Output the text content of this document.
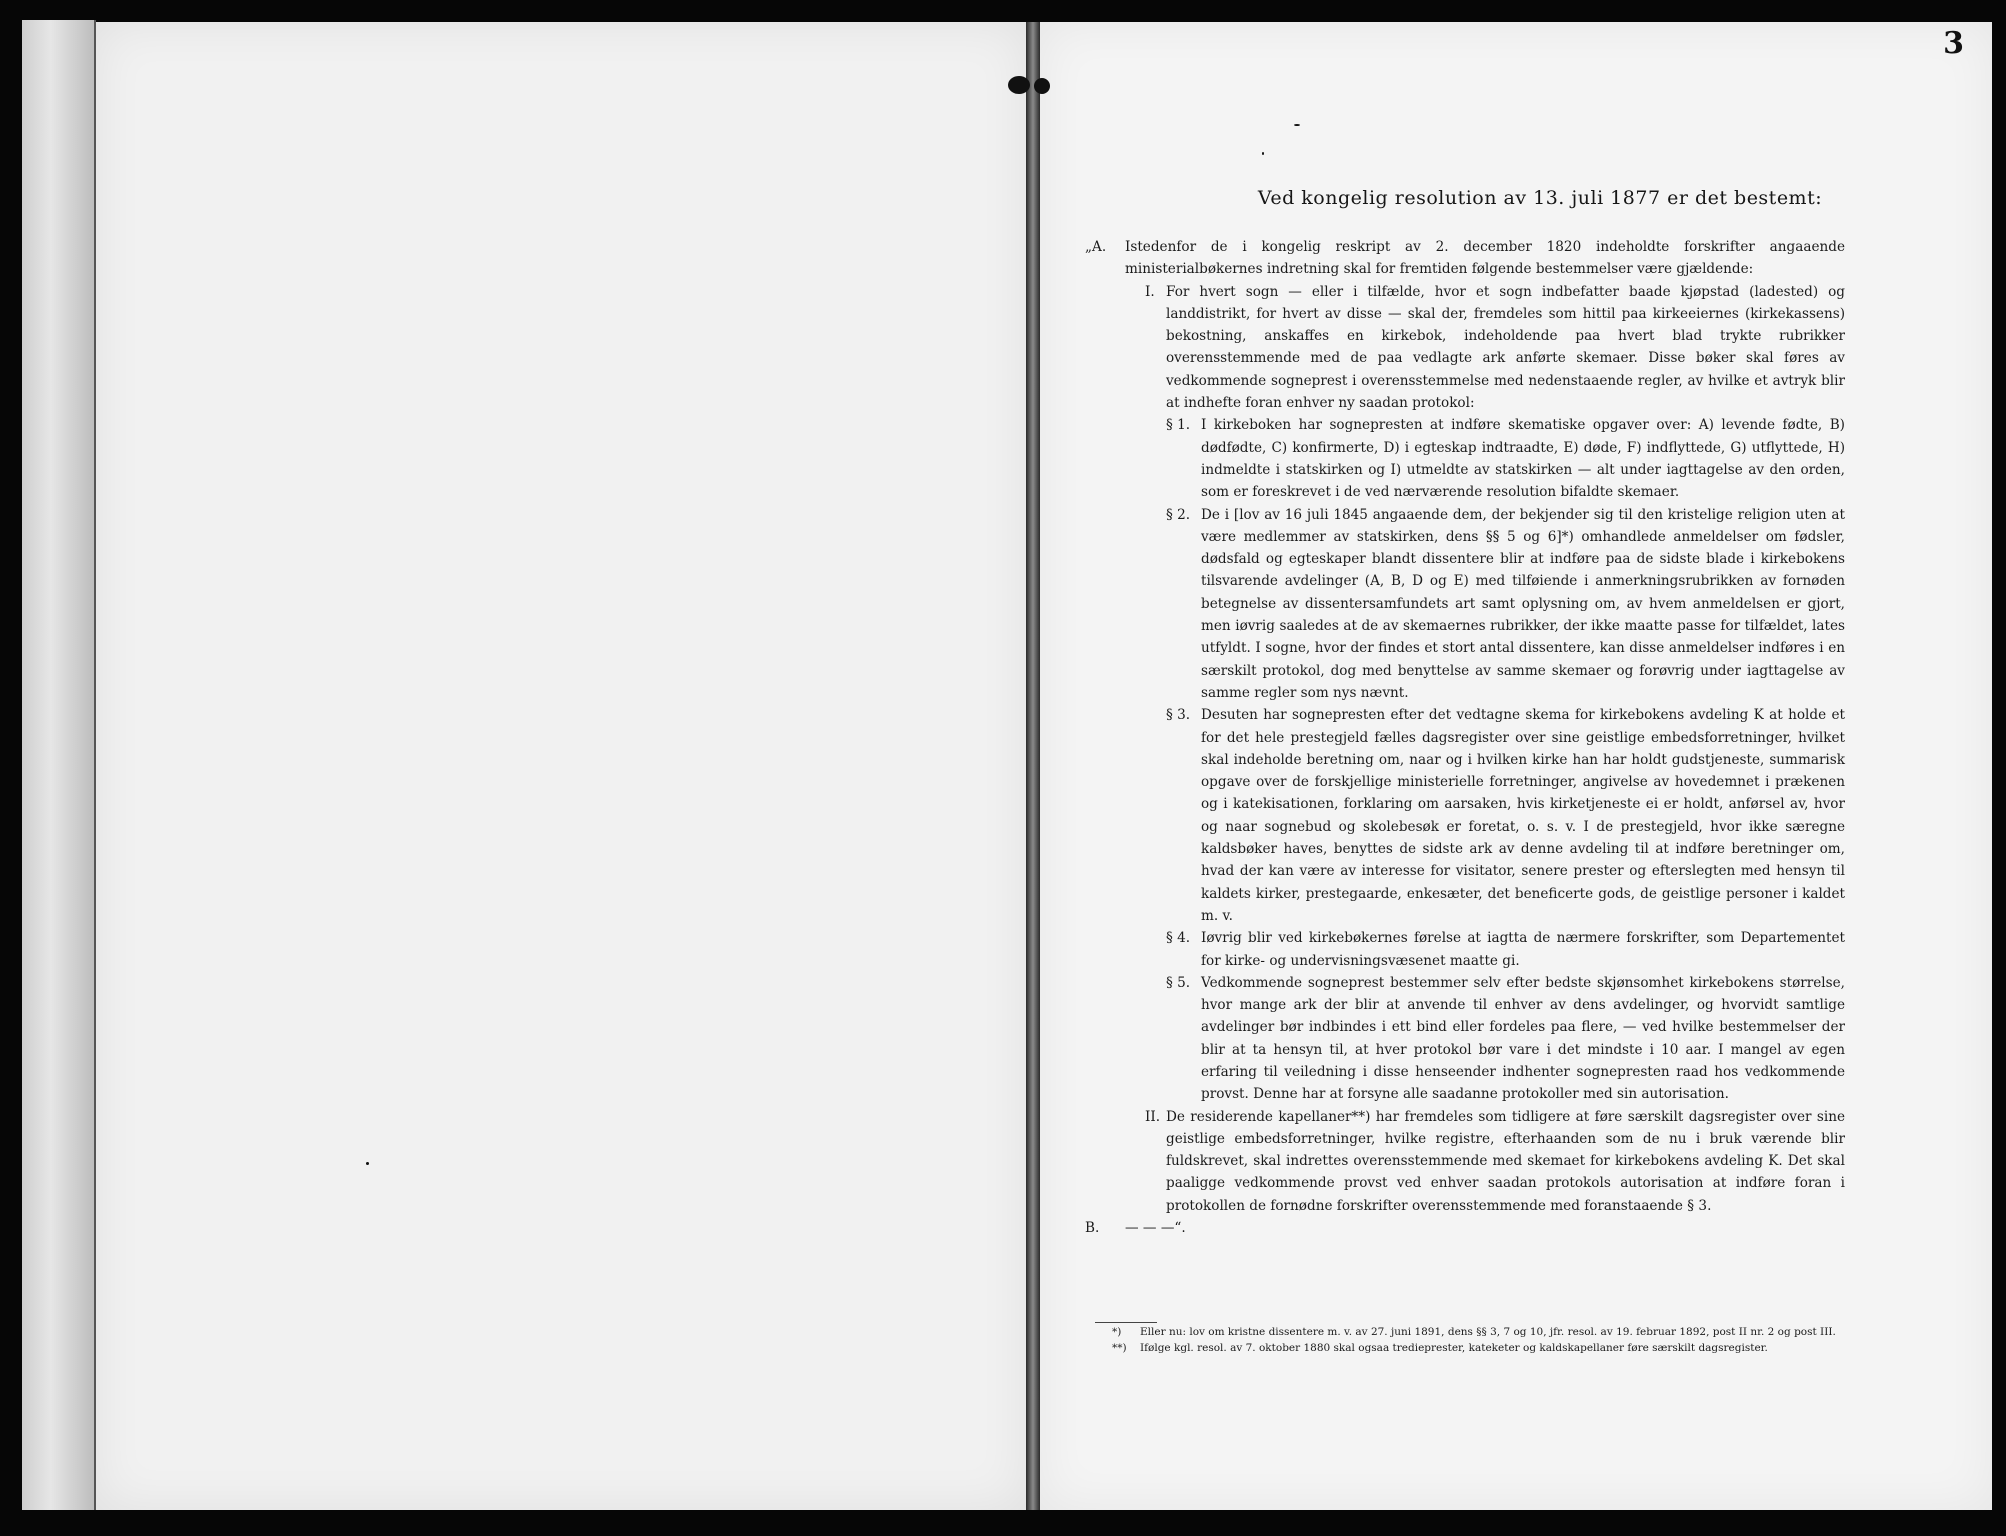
3

Ved kongelig resolution av 13. juli 1877 er det bestemt:

„A. Istedenfor de i kongelig reskript av 2. december 1820 indeholdte forskrifter angaaende ministerialbøkernes indretning skal for fremtiden følgende bestemmelser være gjældende:

I. For hvert sogn — eller i tilfælde, hvor et sogn indbefatter baade kjøpstad (ladested) og landdistrikt, for hvert av disse — skal der, fremdeles som hittil paa kirkeeiernes (kirkekassens) bekostning, anskaffes en kirkebok, indeholdende paa hvert blad trykte rubrikker overensstemmende med de paa vedlagte ark anførte skemaer. Disse bøker skal føres av vedkommende sogneprest i overensstemmelse med nedenstaaende regler, av hvilke et avtryk blir at indhefte foran enhver ny saadan protokol:

§ 1. I kirkeboken har sognepresten at indføre skematiske opgaver over: A) levende fødte, B) dødfødte, C) konfirmerte, D) i egteskap indtraadte, E) døde, F) indflyttede, G) utflyttede, H) indmeldte i statskirken og I) utmeldte av statskirken — alt under iagttagelse av den orden, som er foreskrevet i de ved nærværende resolution bifaldte skemaer.

§ 2. De i [lov av 16 juli 1845 angaaende dem, der bekjender sig til den kristelige religion uten at være medlemmer av statskirken, dens §§ 5 og 6]*) omhandlede anmeldelser om fødsler, dødsfald og egteskaper blandt dissentere blir at indføre paa de sidste blade i kirkebokens tilsvarende avdelinger (A, B, D og E) med tilføiende i anmerkningsrubrikken av fornøden betegnelse av dissentersamfundets art samt oplysning om, av hvem anmeldelsen er gjort, men iøvrig saaledes at de av skemaernes rubrikker, der ikke maatte passe for tilfældet, lates utfyldt. I sogne, hvor der findes et stort antal dissentere, kan disse anmeldelser indføres i en særskilt protokol, dog med benyttelse av samme skemaer og forøvrig under iagttagelse av samme regler som nys nævnt.

§ 3. Desuten har sognepresten efter det vedtagne skema for kirkebokens avdeling K at holde et for det hele prestegjeld fælles dagsregister over sine geistlige embedsforretninger, hvilket skal indeholde beretning om, naar og i hvilken kirke han har holdt gudstjeneste, summarisk opgave over de forskjellige ministerielle forretninger, angivelse av hovedemnet i prækenen og i katekisationen, forklaring om aarsaken, hvis kirketjeneste ei er holdt, anførsel av, hvor og naar sognebud og skolebesøk er foretat, o. s. v. I de prestegjeld, hvor ikke særegne kaldsbøker haves, benyttes de sidste ark av denne avdeling til at indføre beretninger om, hvad der kan være av interesse for visitator, senere prester og efterslegten med hensyn til kaldets kirker, prestegaarde, enkesæter, det beneficerte gods, de geistlige personer i kaldet m. v.

§ 4. Iøvrig blir ved kirkebøkernes førelse at iagtta de nærmere forskrifter, som Departementet for kirke- og undervisningsvæsenet maatte gi.

§ 5. Vedkommende sogneprest bestemmer selv efter bedste skjønsomhet kirkebokens størrelse, hvor mange ark der blir at anvende til enhver av dens avdelinger, og hvorvidt samtlige avdelinger bør indbindes i ett bind eller fordeles paa flere, — ved hvilke bestemmelser der blir at ta hensyn til, at hver protokol bør vare i det mindste i 10 aar. I mangel av egen erfaring til veiledning i disse henseender indhenter sognepresten raad hos vedkommende provst. Denne har at forsyne alle saadanne protokoller med sin autorisation.

II. De residerende kapellaner**) har fremdeles som tidligere at føre særskilt dagsregister over sine geistlige embedsforretninger, hvilke registre, efterhaanden som de nu i bruk værende blir fuldskrevet, skal indrettes overensstemmende med skemaet for kirkebokens avdeling K. Det skal paaligge vedkommende provst ved enhver saadan protokols autorisation at indføre foran i protokollen de fornødne forskrifter overensstemmende med foranstaaende § 3.

B. — — —“.

*) Eller nu: lov om kristne dissentere m. v. av 27. juni 1891, dens §§ 3, 7 og 10, jfr. resol. av 19. februar 1892, post II nr. 2 og post III.

**) Ifølge kgl. resol. av 7. oktober 1880 skal ogsaa tredieprester, kateketer og kaldskapellaner føre særskilt dagsregister.
